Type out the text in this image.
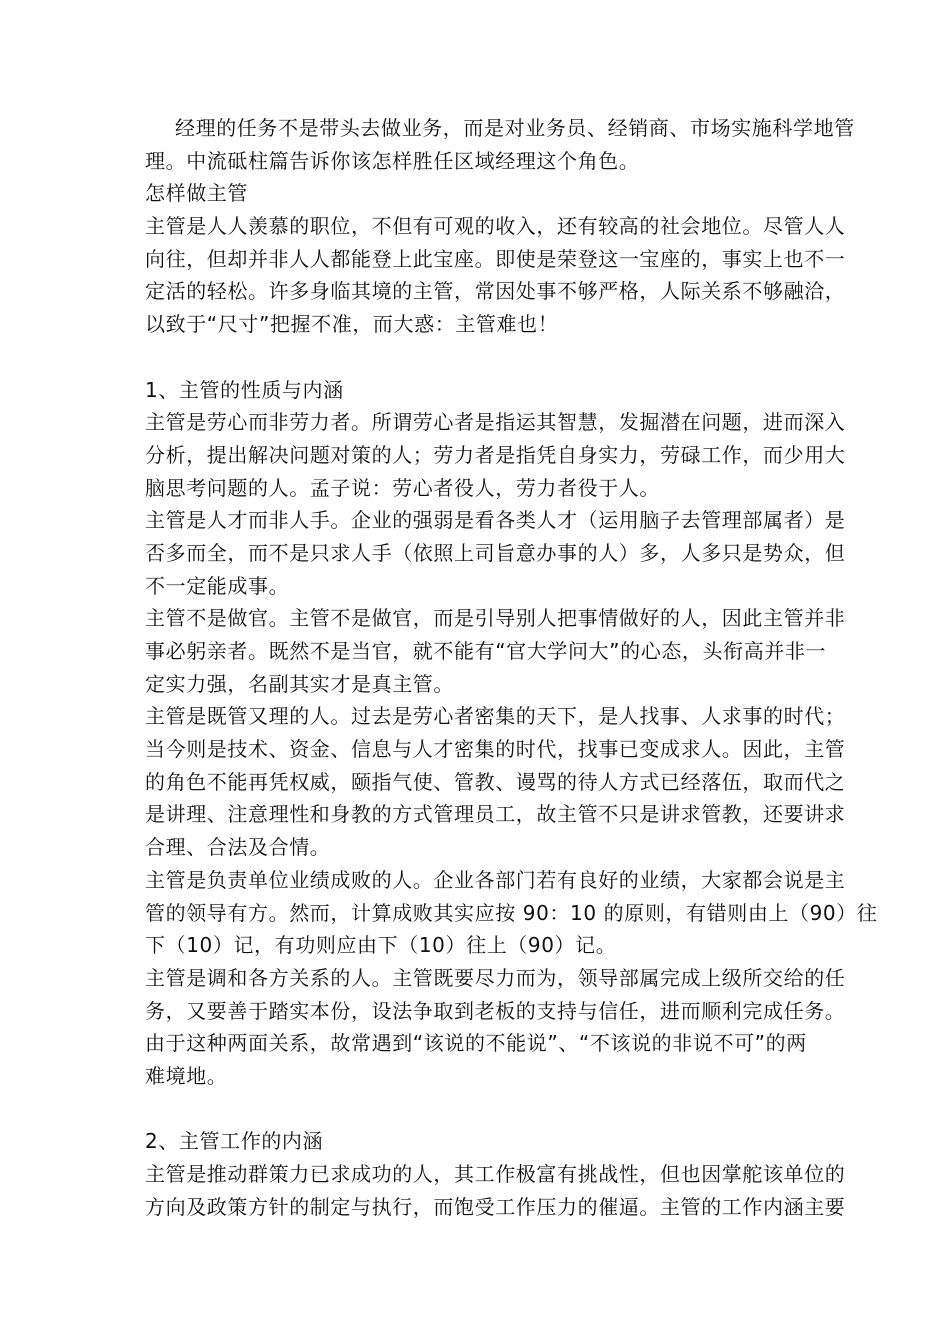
经理的任务不是带头去做业务，而是对业务员、经销商、市场实施科学地管
理。中流砥柱篇告诉你该怎样胜任区域经理这个角色。
怎样做主管
主管是人人羡慕的职位，不但有可观的收入，还有较高的社会地位。尽管人人
向往，但却并非人人都能登上此宝座。即使是荣登这一宝座的，事实上也不一
定活的轻松。许多身临其境的主管，常因处事不够严格，人际关系不够融洽，
以致于“尺寸”把握不准，而大惑：主管难也！
1、主管的性质与内涵
主管是劳心而非劳力者。所谓劳心者是指运其智慧，发掘潜在问题，进而深入
分析，提出解决问题对策的人；劳力者是指凭自身实力，劳碌工作，而少用大
脑思考问题的人。孟子说：劳心者役人，劳力者役于人。
主管是人才而非人手。企业的强弱是看各类人才（运用脑子去管理部属者）是
否多而全，而不是只求人手（依照上司旨意办事的人）多，人多只是势众，但
不一定能成事。
主管不是做官。主管不是做官，而是引导别人把事情做好的人，因此主管并非
事必躬亲者。既然不是当官，就不能有“官大学问大”的心态，头衔高并非一
定实力强，名副其实才是真主管。
主管是既管又理的人。过去是劳心者密集的天下，是人找事、人求事的时代；
当今则是技术、资金、信息与人才密集的时代，找事已变成求人。因此，主管
的角色不能再凭权威，颐指气使、管教、谩骂的待人方式已经落伍，取而代之
是讲理、注意理性和身教的方式管理员工，故主管不只是讲求管教，还要讲求
合理、合法及合情。
主管是负责单位业绩成败的人。企业各部门若有良好的业绩，大家都会说是主
管的领导有方。然而，计算成败其实应按 90：10 的原则，有错则由上（90）往
下（10）记，有功则应由下（10）往上（90）记。
主管是调和各方关系的人。主管既要尽力而为，领导部属完成上级所交给的任
务，又要善于踏实本份，设法争取到老板的支持与信任，进而顺利完成任务。
由于这种两面关系，故常遇到“该说的不能说”、“不该说的非说不可”的两
难境地。
2、主管工作的内涵
主管是推动群策力已求成功的人，其工作极富有挑战性，但也因掌舵该单位的
方向及政策方针的制定与执行，而饱受工作压力的催逼。主管的工作内涵主要
